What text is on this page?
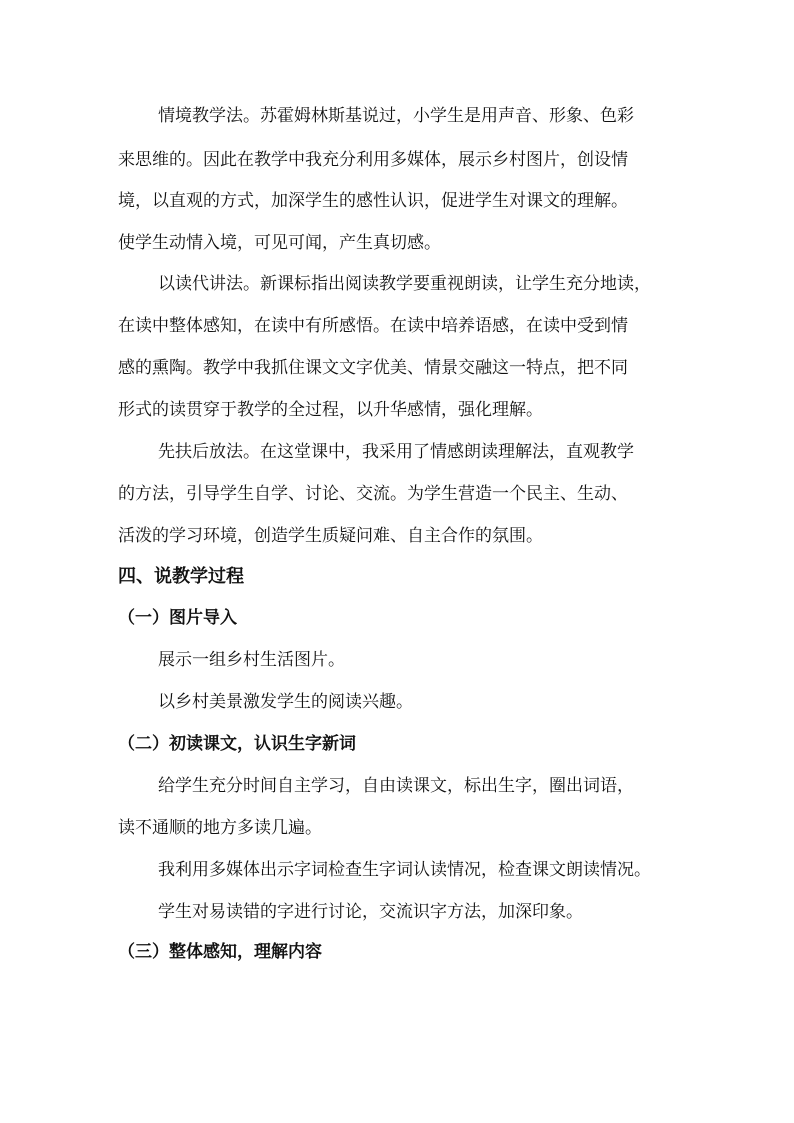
情境教学法。苏霍姆林斯基说过，小学生是用声音、形象、色彩
来思维的。因此在教学中我充分利用多媒体，展示乡村图片，创设情
境，以直观的方式，加深学生的感性认识，促进学生对课文的理解。
使学生动情入境，可见可闻，产生真切感。
以读代讲法。新课标指出阅读教学要重视朗读，让学生充分地读，
在读中整体感知，在读中有所感悟。在读中培养语感，在读中受到情
感的熏陶。教学中我抓住课文文字优美、情景交融这一特点，把不同
形式的读贯穿于教学的全过程，以升华感情，强化理解。
先扶后放法。在这堂课中，我采用了情感朗读理解法，直观教学
的方法，引导学生自学、讨论、交流。为学生营造一个民主、生动、
活泼的学习环境，创造学生质疑问难、自主合作的氛围。
四、说教学过程
（一）图片导入
展示一组乡村生活图片。
以乡村美景激发学生的阅读兴趣。
（二）初读课文，认识生字新词
给学生充分时间自主学习，自由读课文，标出生字，圈出词语，
读不通顺的地方多读几遍。
我利用多媒体出示字词检查生字词认读情况，检查课文朗读情况。
学生对易读错的字进行讨论，交流识字方法，加深印象。
（三）整体感知，理解内容
